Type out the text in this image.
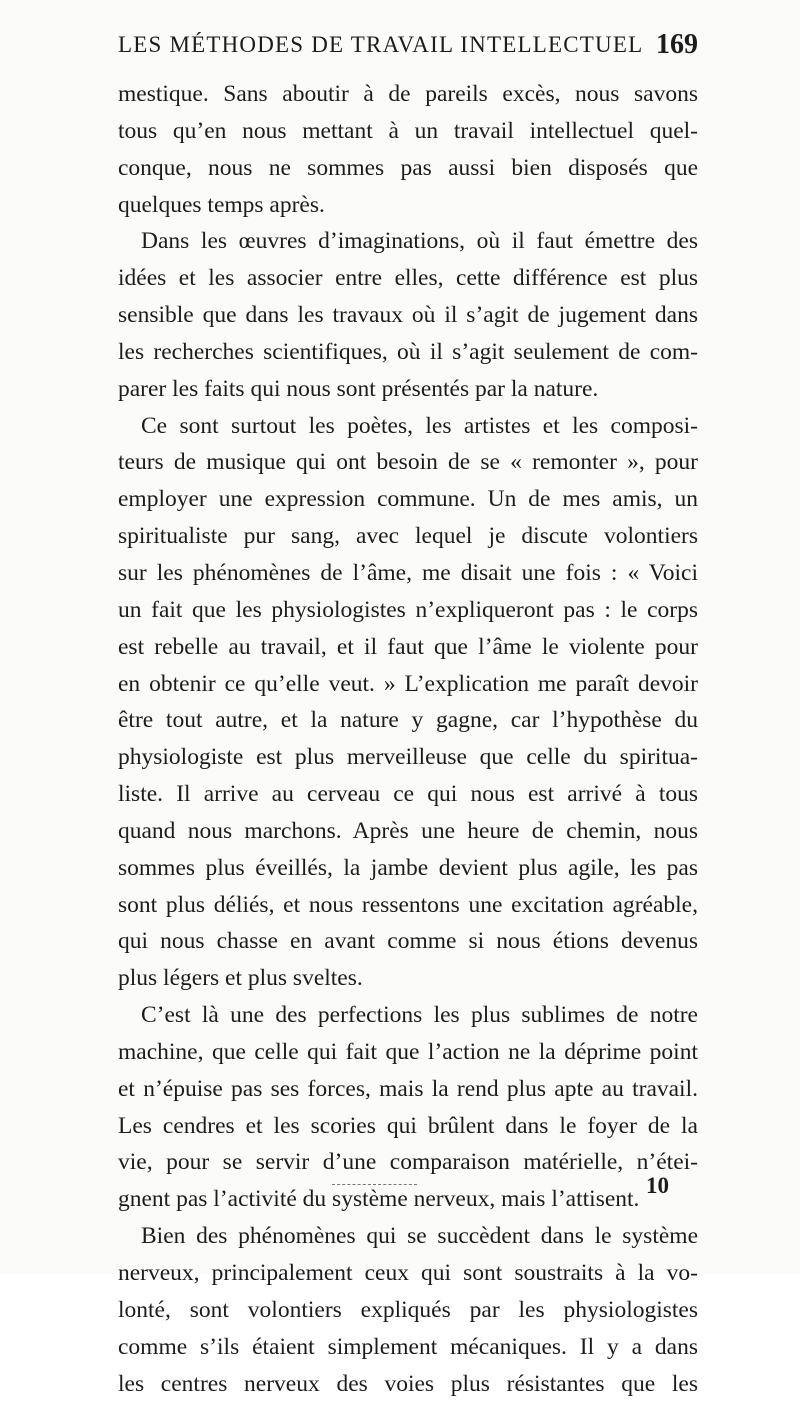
LES MÉTHODES DE TRAVAIL INTELLECTUEL 169
mestique. Sans aboutir à de pareils excès, nous savons
tous qu’en nous mettant à un travail intellectuel quel-
conque, nous ne sommes pas aussi bien disposés que
quelques temps après.
Dans les œuvres d’imaginations, où il faut émettre des
idées et les associer entre elles, cette différence est plus
sensible que dans les travaux où il s’agit de jugement dans
les recherches scientifiques, où il s’agit seulement de com-
parer les faits qui nous sont présentés par la nature.
Ce sont surtout les poètes, les artistes et les composi-
teurs de musique qui ont besoin de se « remonter », pour
employer une expression commune. Un de mes amis, un
spiritualiste pur sang, avec lequel je discute volontiers
sur les phénomènes de l’âme, me disait une fois : « Voici
un fait que les physiologistes n’expliqueront pas : le corps
est rebelle au travail, et il faut que l’âme le violente pour
en obtenir ce qu’elle veut. » L’explication me paraît devoir
être tout autre, et la nature y gagne, car l’hypothèse du
physiologiste est plus merveilleuse que celle du spiritua-
liste. Il arrive au cerveau ce qui nous est arrivé à tous
quand nous marchons. Après une heure de chemin, nous
sommes plus éveillés, la jambe devient plus agile, les pas
sont plus déliés, et nous ressentons une excitation agréable,
qui nous chasse en avant comme si nous étions devenus
plus légers et plus sveltes.
C’est là une des perfections les plus sublimes de notre
machine, que celle qui fait que l’action ne la déprime point
et n’épuise pas ses forces, mais la rend plus apte au travail.
Les cendres et les scories qui brûlent dans le foyer de la
vie, pour se servir d’une comparaison matérielle, n’étei-
gnent pas l’activité du système nerveux, mais l’attisent.
Bien des phénomènes qui se succèdent dans le système
nerveux, principalement ceux qui sont soustraits à la vo-
lonté, sont volontiers expliqués par les physiologistes
comme s’ils étaient simplement mécaniques. Il y a dans
les centres nerveux des voies plus résistantes que les
10
